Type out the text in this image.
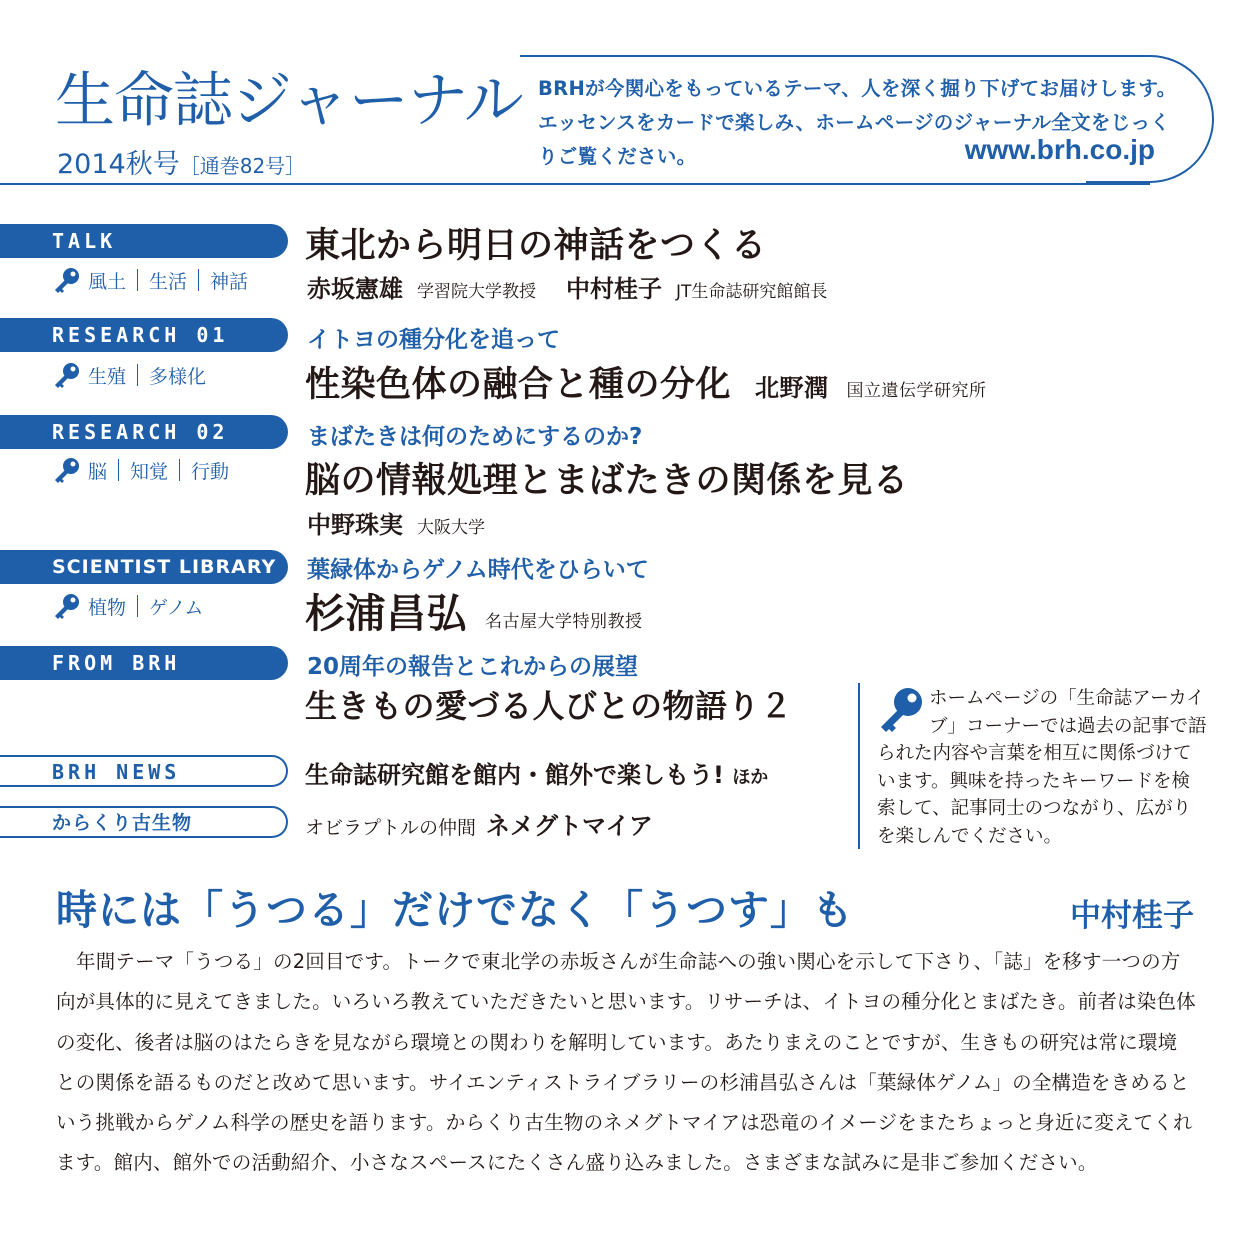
生命誌ジャーナル
2014秋号［通巻82号］
BRHが今関心をもっているテーマ、人を深く掘り下げてお届けします。エッセンスをカードで楽しみ、ホームページのジャーナル全文をじっくりご覧ください。	www.brh.co.jp
TALK
風土 生活 神話
東北から明日の神話をつくる
赤坂憲雄 学習院大学教授 中村桂子 JT生命誌研究館館長
RESEARCH 01
生殖 多様化
イトヨの種分化を追って
性染色体の融合と種の分化 北野潤 国立遺伝学研究所
RESEARCH 02
脳 知覚 行動
まばたきは何のためにするのか?
脳の情報処理とまばたきの関係を見る
中野珠実 大阪大学
SCIENTIST LIBRARY
植物 ゲノム
葉緑体からゲノム時代をひらいて
杉浦昌弘 名古屋大学特別教授
FROM BRH	20周年の報告とこれからの展望
生きもの愛づる人びとの物語り２
BRH NEWS	生命誌研究館を館内・館外で楽しもう! ほか
からくり古生物	オビラプトルの仲間 ネメグトマイア
ホームページの「生命誌アーカイブ」コーナーでは過去の記事で語られた内容や言葉を相互に関係づけています。興味を持ったキーワードを検索して、記事同士のつながり、広がりを楽しんでください。
時には「うつる」だけでなく「うつす」も	中村桂子
年間テーマ「うつる」の2回目です。トークで東北学の赤坂さんが生命誌への強い関心を示して下さり、「誌」を移す一つの方向が具体的に見えてきました。いろいろ教えていただきたいと思います。リサーチは、イトヨの種分化とまばたき。前者は染色体の変化、後者は脳のはたらきを見ながら環境との関わりを解明しています。あたりまえのことですが、生きもの研究は常に環境との関係を語るものだと改めて思います。サイエンティストライブラリーの杉浦昌弘さんは「葉緑体ゲノム」の全構造をきめるという挑戦からゲノム科学の歴史を語ります。からくり古生物のネメグトマイアは恐竜のイメージをまたちょっと身近に変えてくれます。館内、館外での活動紹介、小さなスペースにたくさん盛り込みました。さまざまな試みに是非ご参加ください。
